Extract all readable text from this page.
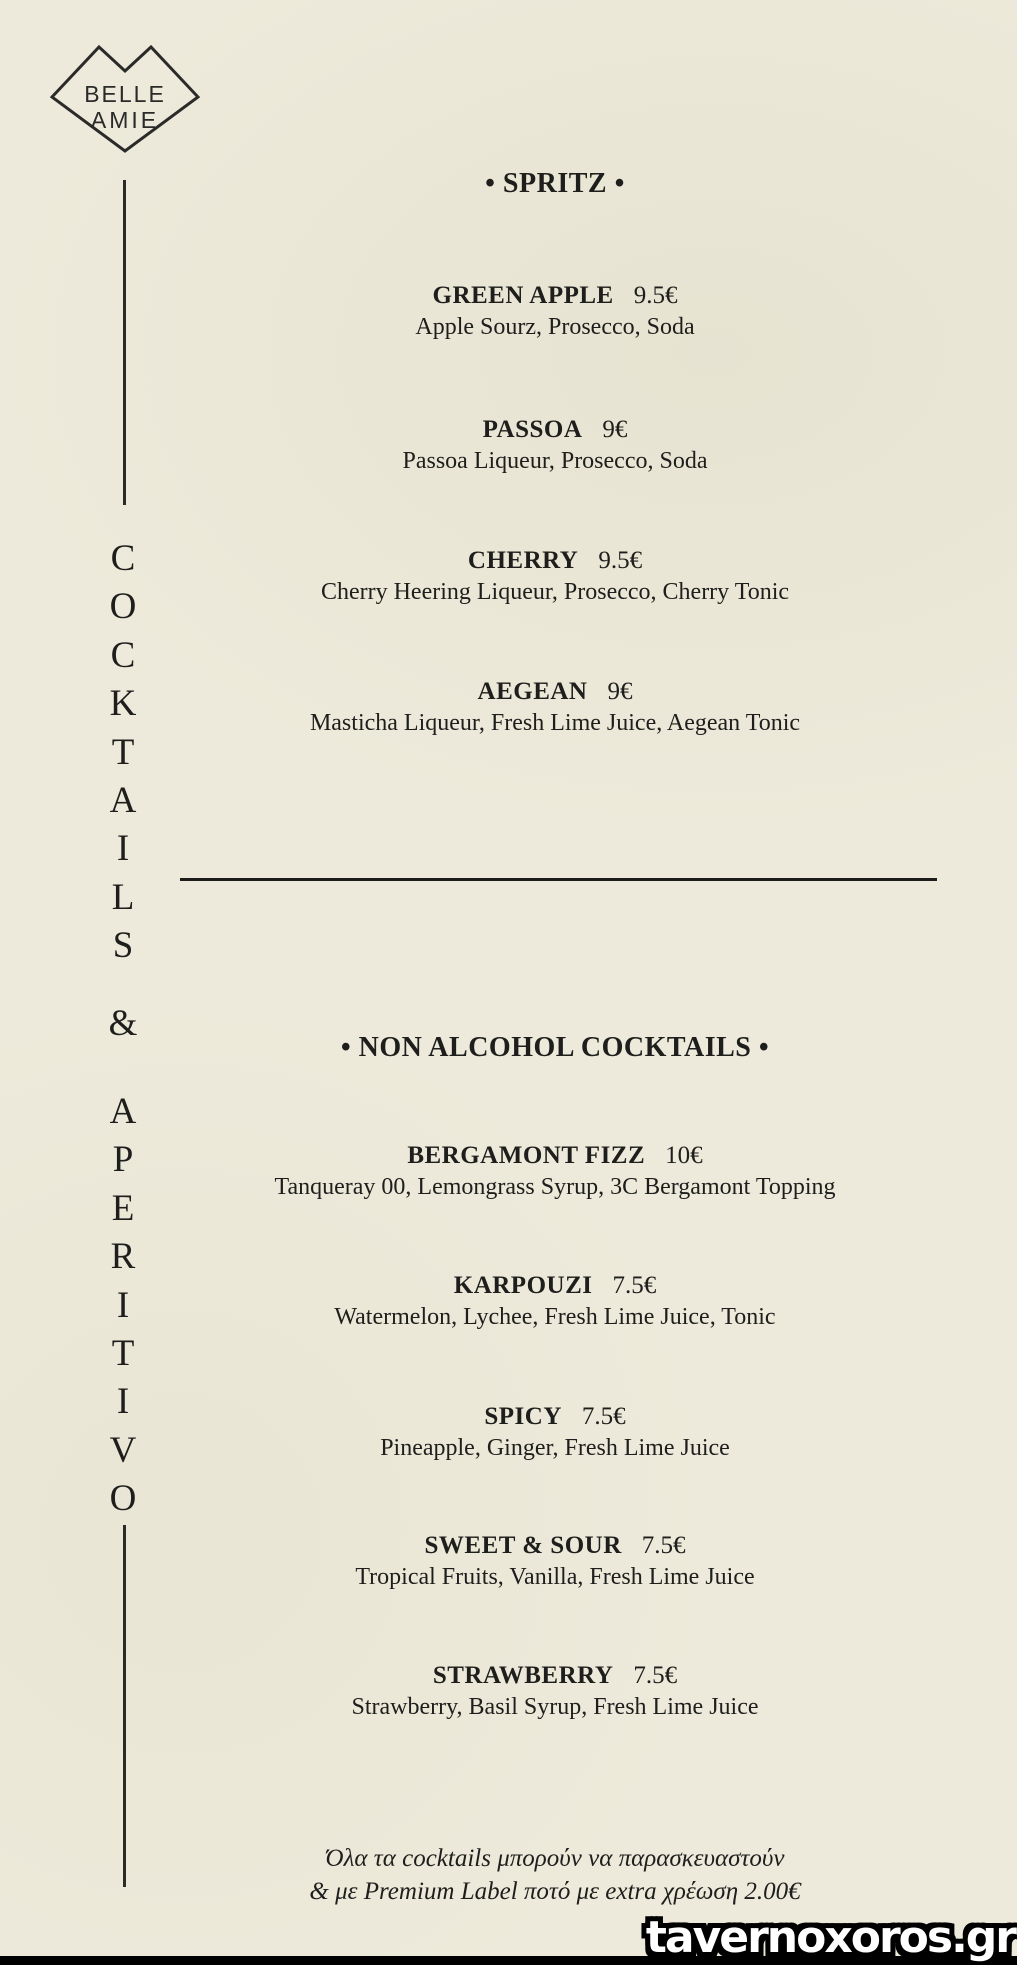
BELLE
AMIE
C
O
C
K
T
A
I
L
S
&
A
P
E
R
I
T
I
V
O
• SPRITZ •
GREEN APPLE 9.5€
Apple Sourz, Prosecco, Soda
PASSOA 9€
Passoa Liqueur, Prosecco, Soda
CHERRY 9.5€
Cherry Heering Liqueur, Prosecco, Cherry Tonic
AEGEAN 9€
Masticha Liqueur, Fresh Lime Juice, Aegean Tonic
• NON ALCOHOL COCKTAILS •
BERGAMONT FIZZ 10€
Tanqueray 00, Lemongrass Syrup, 3C Bergamont Topping
KARPOUZI 7.5€
Watermelon, Lychee, Fresh Lime Juice, Tonic
SPICY 7.5€
Pineapple, Ginger, Fresh Lime Juice
SWEET & SOUR 7.5€
Tropical Fruits, Vanilla, Fresh Lime Juice
STRAWBERRY 7.5€
Strawberry, Basil Syrup, Fresh Lime Juice
Όλα τα cocktails μπορούν να παρασκευαστούν
& με Premium Label ποτό με extra χρέωση 2.00€
tavernoxoros.gr
